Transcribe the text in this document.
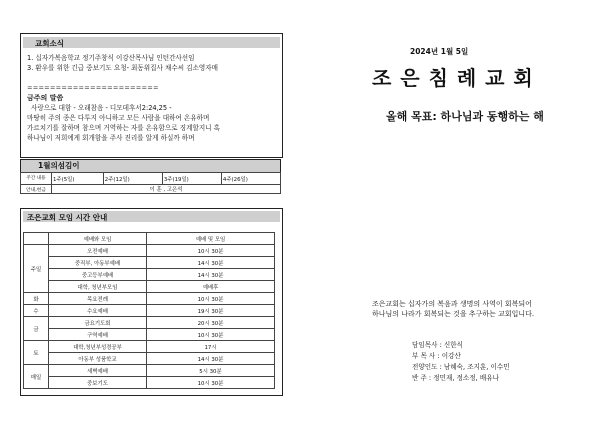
교회소식
1. 십자가복음학교 정기주창식 이강산목사님 인턴간사선임
3. 환우를 위한 긴급 중보기도 요청- 최동위집사 채수씨 김소영자매
=======================
금주의 말씀
사랑으로 대함 - 오래참음 - 디모데후서2:24,25 -
마땅히 주의 종은 다투지 아니하고 모든 사람을 대하여 온유하며
가르치기를 잘하며 참으며 거역하는 자를 온유함으로 징계할지니 혹
하나님이 저희에게 회개함을 주사 진리를 알게 하실까 하며
1월의섬김이
주간 내용	1주(5일)	2주(12일)	3주(19일)	4주(26일)
안내,헌금	이 훈 , 고은석			
조은교회 모임 시간 안내
	예배와 모임	예배 및 모임
주일	오전예배	10시 30분
	중직부, 아동부예배	14시 30분
	중고등부예배	14시 30분
	대학, 청년부모임	예배후
화	목요전례	10시 30분
수	수요예배	19시 30분
금	금요기도회	20시 30분
	구역예배	10시 30분
토	대학,청년부성경공부	17시
	아동부 성품학교	14시 30분
매일	새벽예배	5시 30분
	중보기도	10시 30분
2024년 1월 5일
조 은 침 례 교 회
올해 목표: 하나님과 동행하는 해
조은교회는 십자가의 복음과 생명의 사역이 회복되어
하나님의 나라가 회복되는 것을 추구하는 교회입니다.
담임목사 : 신한식
부 목 사 : 이강산
전양인도 : 남혜숙, 조지훈, 이수민
반 주 : 정민재, 정소정, 배유나
